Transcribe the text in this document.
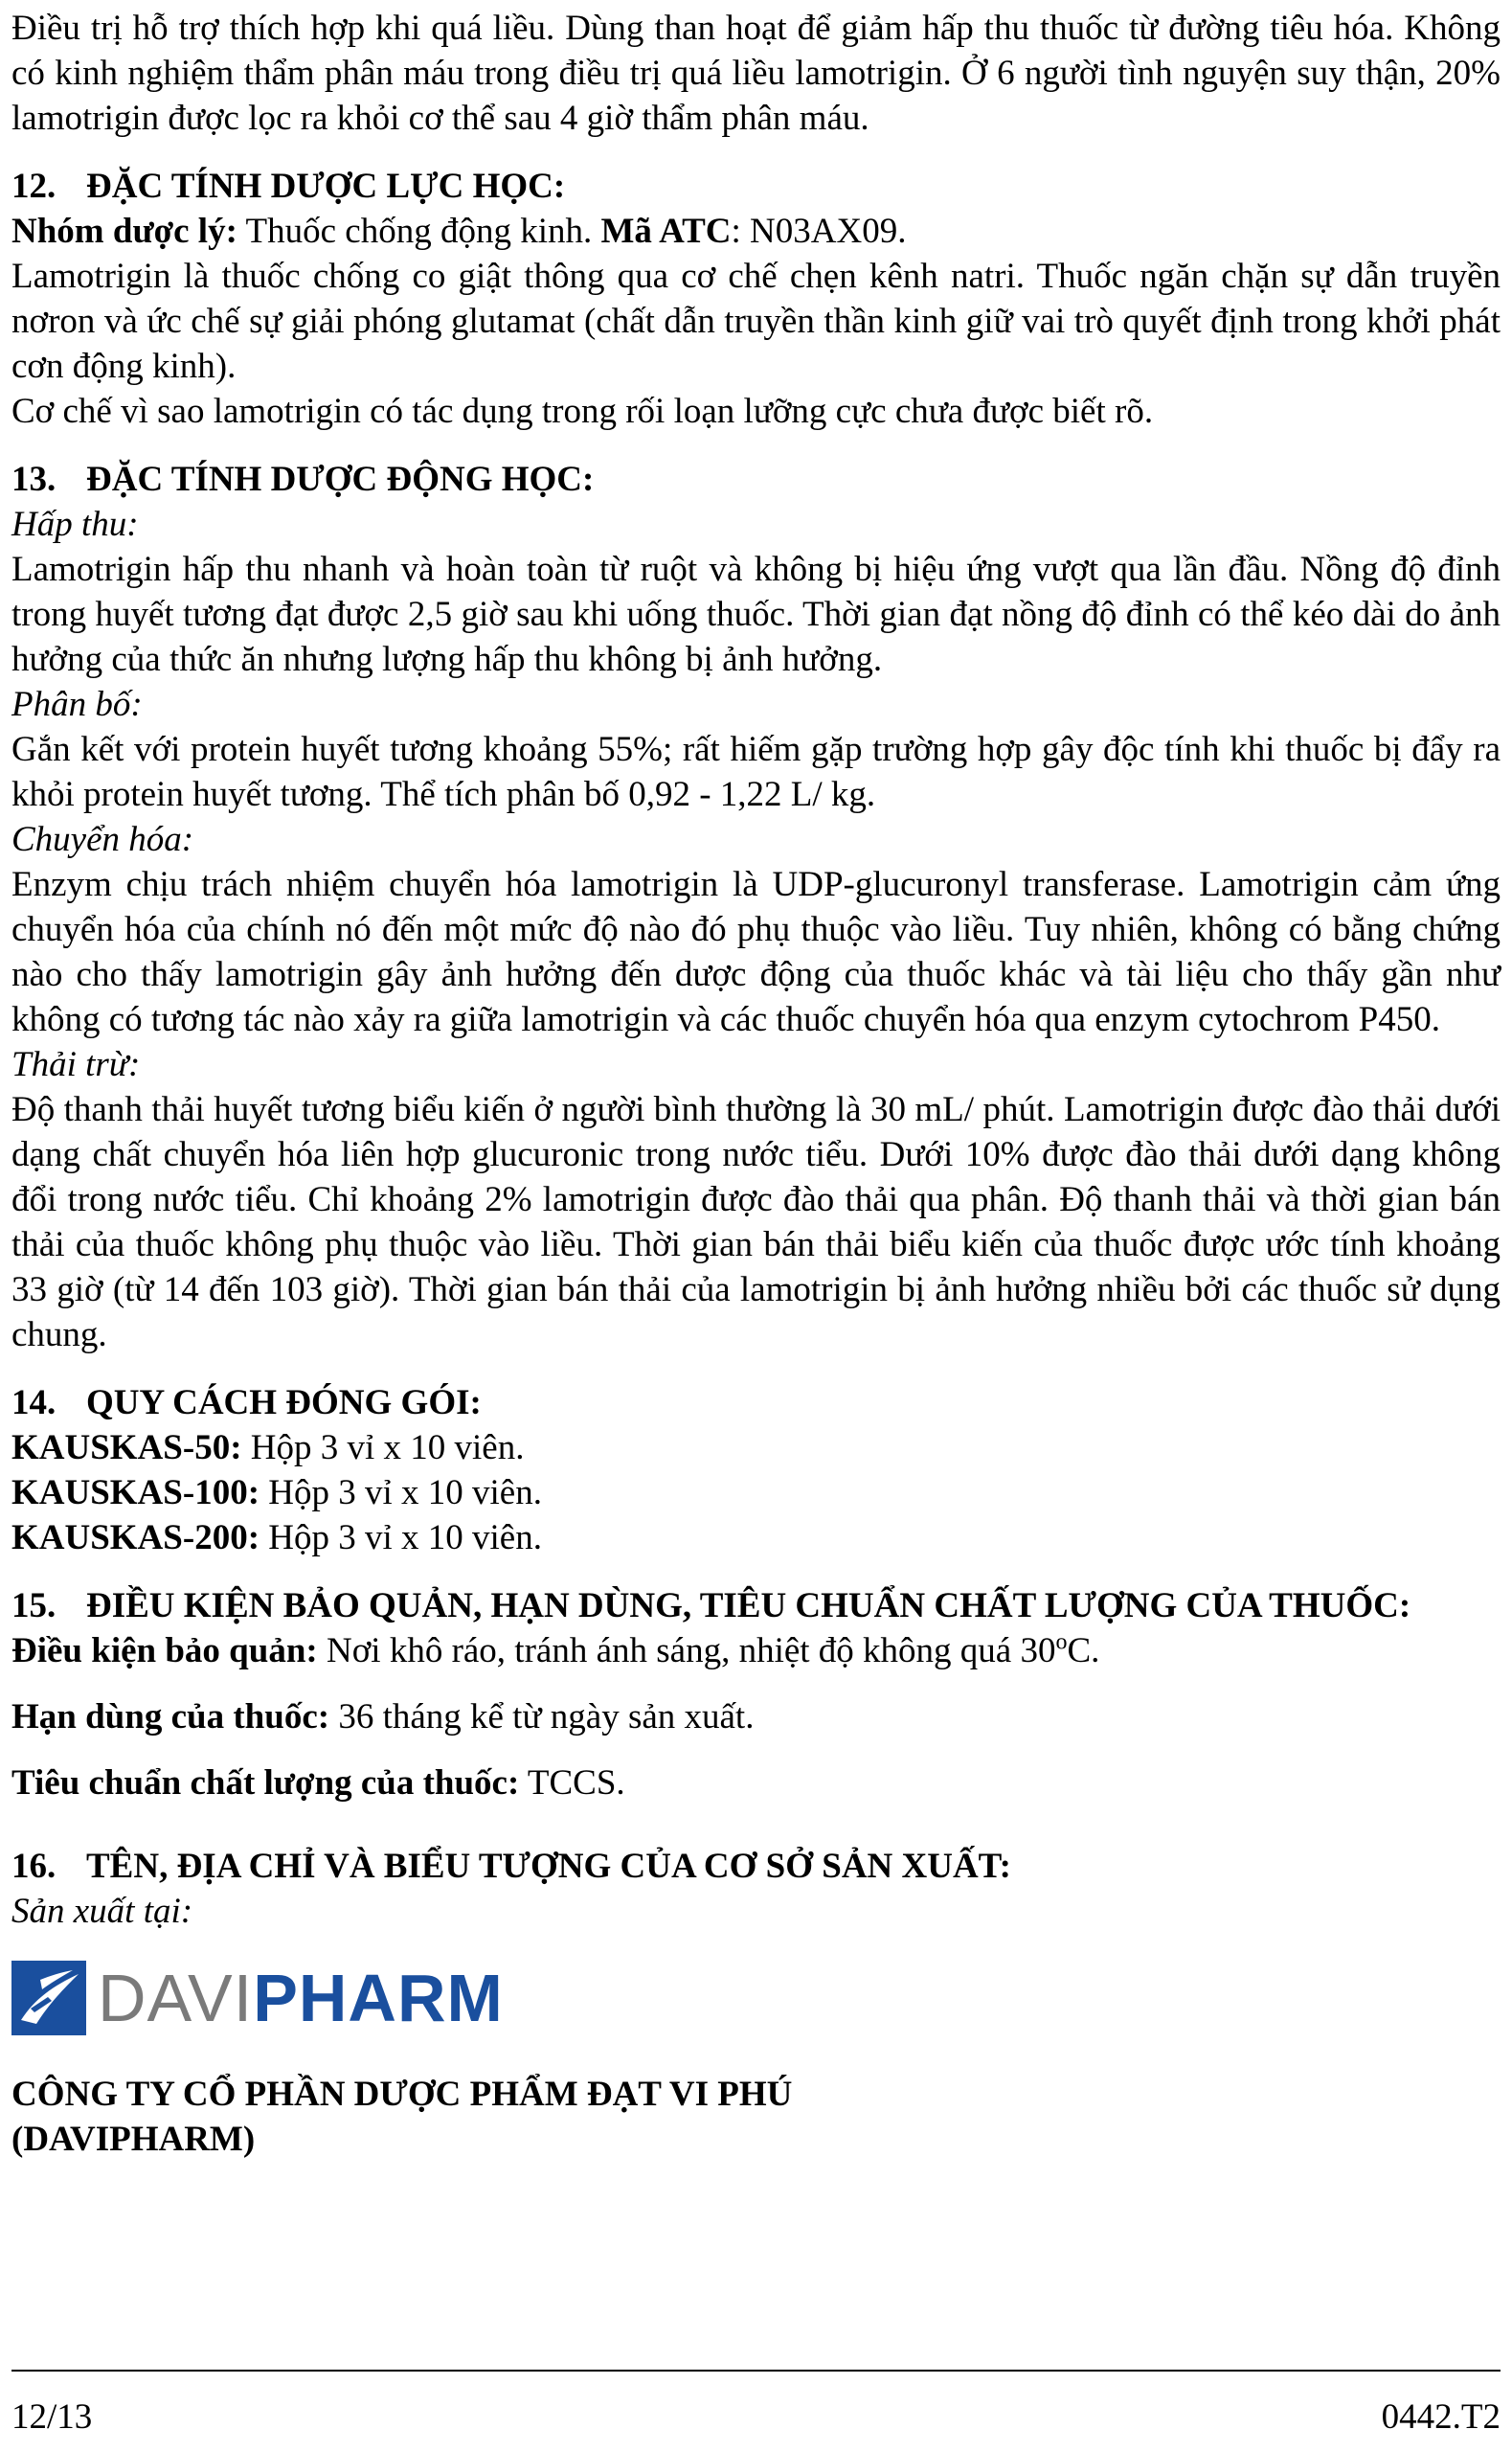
Điều trị hỗ trợ thích hợp khi quá liều. Dùng than hoạt để giảm hấp thu thuốc từ đường tiêu hóa. Không có kinh nghiệm thẩm phân máu trong điều trị quá liều lamotrigin. Ở 6 người tình nguyện suy thận, 20% lamotrigin được lọc ra khỏi cơ thể sau 4 giờ thẩm phân máu.

12. ĐẶC TÍNH DƯỢC LỰC HỌC:

Nhóm dược lý: Thuốc chống động kinh. Mã ATC: N03AX09.

Lamotrigin là thuốc chống co giật thông qua cơ chế chẹn kênh natri. Thuốc ngăn chặn sự dẫn truyền nơron và ức chế sự giải phóng glutamat (chất dẫn truyền thần kinh giữ vai trò quyết định trong khởi phát cơn động kinh).

Cơ chế vì sao lamotrigin có tác dụng trong rối loạn lưỡng cực chưa được biết rõ.

13. ĐẶC TÍNH DƯỢC ĐỘNG HỌC:

Hấp thu:

Lamotrigin hấp thu nhanh và hoàn toàn từ ruột và không bị hiệu ứng vượt qua lần đầu. Nồng độ đỉnh trong huyết tương đạt được 2,5 giờ sau khi uống thuốc. Thời gian đạt nồng độ đỉnh có thể kéo dài do ảnh hưởng của thức ăn nhưng lượng hấp thu không bị ảnh hưởng.

Phân bố:

Gắn kết với protein huyết tương khoảng 55%; rất hiếm gặp trường hợp gây độc tính khi thuốc bị đẩy ra khỏi protein huyết tương. Thể tích phân bố 0,92 - 1,22 L/ kg.

Chuyển hóa:

Enzym chịu trách nhiệm chuyển hóa lamotrigin là UDP-glucuronyl transferase. Lamotrigin cảm ứng chuyển hóa của chính nó đến một mức độ nào đó phụ thuộc vào liều. Tuy nhiên, không có bằng chứng nào cho thấy lamotrigin gây ảnh hưởng đến dược động của thuốc khác và tài liệu cho thấy gần như không có tương tác nào xảy ra giữa lamotrigin và các thuốc chuyển hóa qua enzym cytochrom P450.

Thải trừ:

Độ thanh thải huyết tương biểu kiến ở người bình thường là 30 mL/ phút. Lamotrigin được đào thải dưới dạng chất chuyển hóa liên hợp glucuronic trong nước tiểu. Dưới 10% được đào thải dưới dạng không đổi trong nước tiểu. Chỉ khoảng 2% lamotrigin được đào thải qua phân. Độ thanh thải và thời gian bán thải của thuốc không phụ thuộc vào liều. Thời gian bán thải biểu kiến của thuốc được ước tính khoảng 33 giờ (từ 14 đến 103 giờ). Thời gian bán thải của lamotrigin bị ảnh hưởng nhiều bởi các thuốc sử dụng chung.

14. QUY CÁCH ĐÓNG GÓI:

KAUSKAS-50: Hộp 3 vỉ x 10 viên.

KAUSKAS-100: Hộp 3 vỉ x 10 viên.

KAUSKAS-200: Hộp 3 vỉ x 10 viên.

15. ĐIỀU KIỆN BẢO QUẢN, HẠN DÙNG, TIÊU CHUẨN CHẤT LƯỢNG CỦA THUỐC:

Điều kiện bảo quản: Nơi khô ráo, tránh ánh sáng, nhiệt độ không quá 30$^o$C.

Hạn dùng của thuốc: 36 tháng kể từ ngày sản xuất.

Tiêu chuẩn chất lượng của thuốc: TCCS.

16. TÊN, ĐỊA CHỈ VÀ BIỂU TƯỢNG CỦA CƠ SỞ SẢN XUẤT:

Sản xuất tại:

DAVIPHARM

CÔNG TY CỔ PHẦN DƯỢC PHẨM ĐẠT VI PHÚ

(DAVIPHARM)

12/13	0442.T2
